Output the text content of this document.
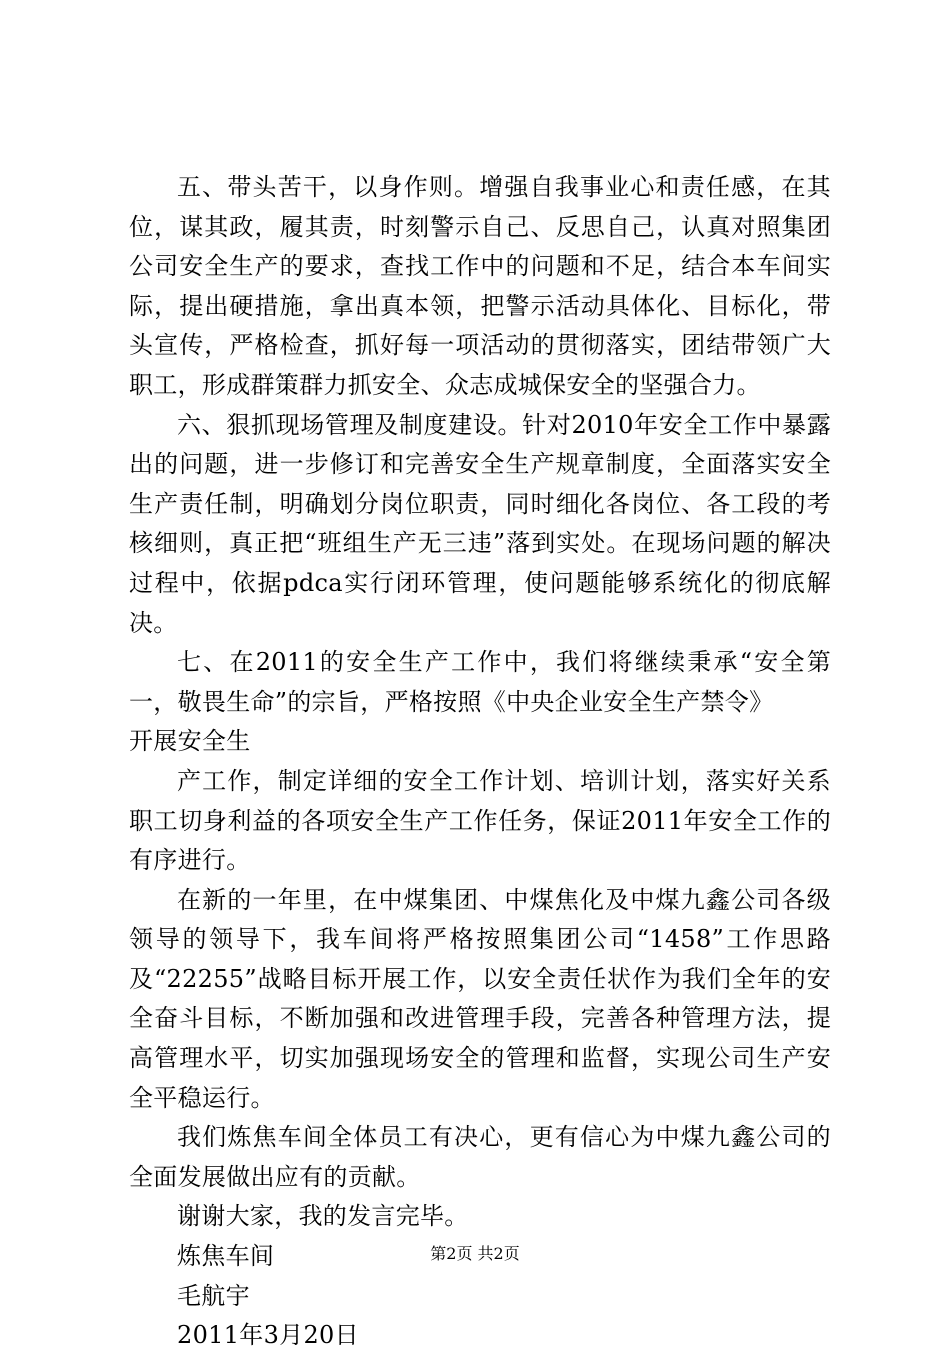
五、带头苦干，以身作则。增强自我事业心和责任感，在其位，谋其政，履其责，时刻警示自己、反思自己，认真对照集团公司安全生产的要求，查找工作中的问题和不足，结合本车间实际，提出硬措施，拿出真本领，把警示活动具体化、目标化，带头宣传，严格检查，抓好每一项活动的贯彻落实，团结带领广大职工，形成群策群力抓安全、众志成城保安全的坚强合力。

六、狠抓现场管理及制度建设。针对2010年安全工作中暴露出的问题，进一步修订和完善安全生产规章制度，全面落实安全生产责任制，明确划分岗位职责，同时细化各岗位、各工段的考核细则，真正把“班组生产无三违”落到实处。在现场问题的解决过程中，依据pdca实行闭环管理，使问题能够系统化的彻底解决。

七、在2011的安全生产工作中，我们将继续秉承“安全第一，敬畏生命”的宗旨，严格按照《中央企业安全生产禁令》
开展安全生

产工作，制定详细的安全工作计划、培训计划，落实好关系职工切身利益的各项安全生产工作任务，保证2011年安全工作的有序进行。

在新的一年里，在中煤集团、中煤焦化及中煤九鑫公司各级领导的领导下，我车间将严格按照集团公司“1458”工作思路及“22255”战略目标开展工作，以安全责任状作为我们全年的安全奋斗目标，不断加强和改进管理手段，完善各种管理方法，提高管理水平，切实加强现场安全的管理和监督，实现公司生产安全平稳运行。

我们炼焦车间全体员工有决心，更有信心为中煤九鑫公司的全面发展做出应有的贡献。

谢谢大家，我的发言完毕。

炼焦车间

毛航宇

2011年3月20日

第2页 共2页
